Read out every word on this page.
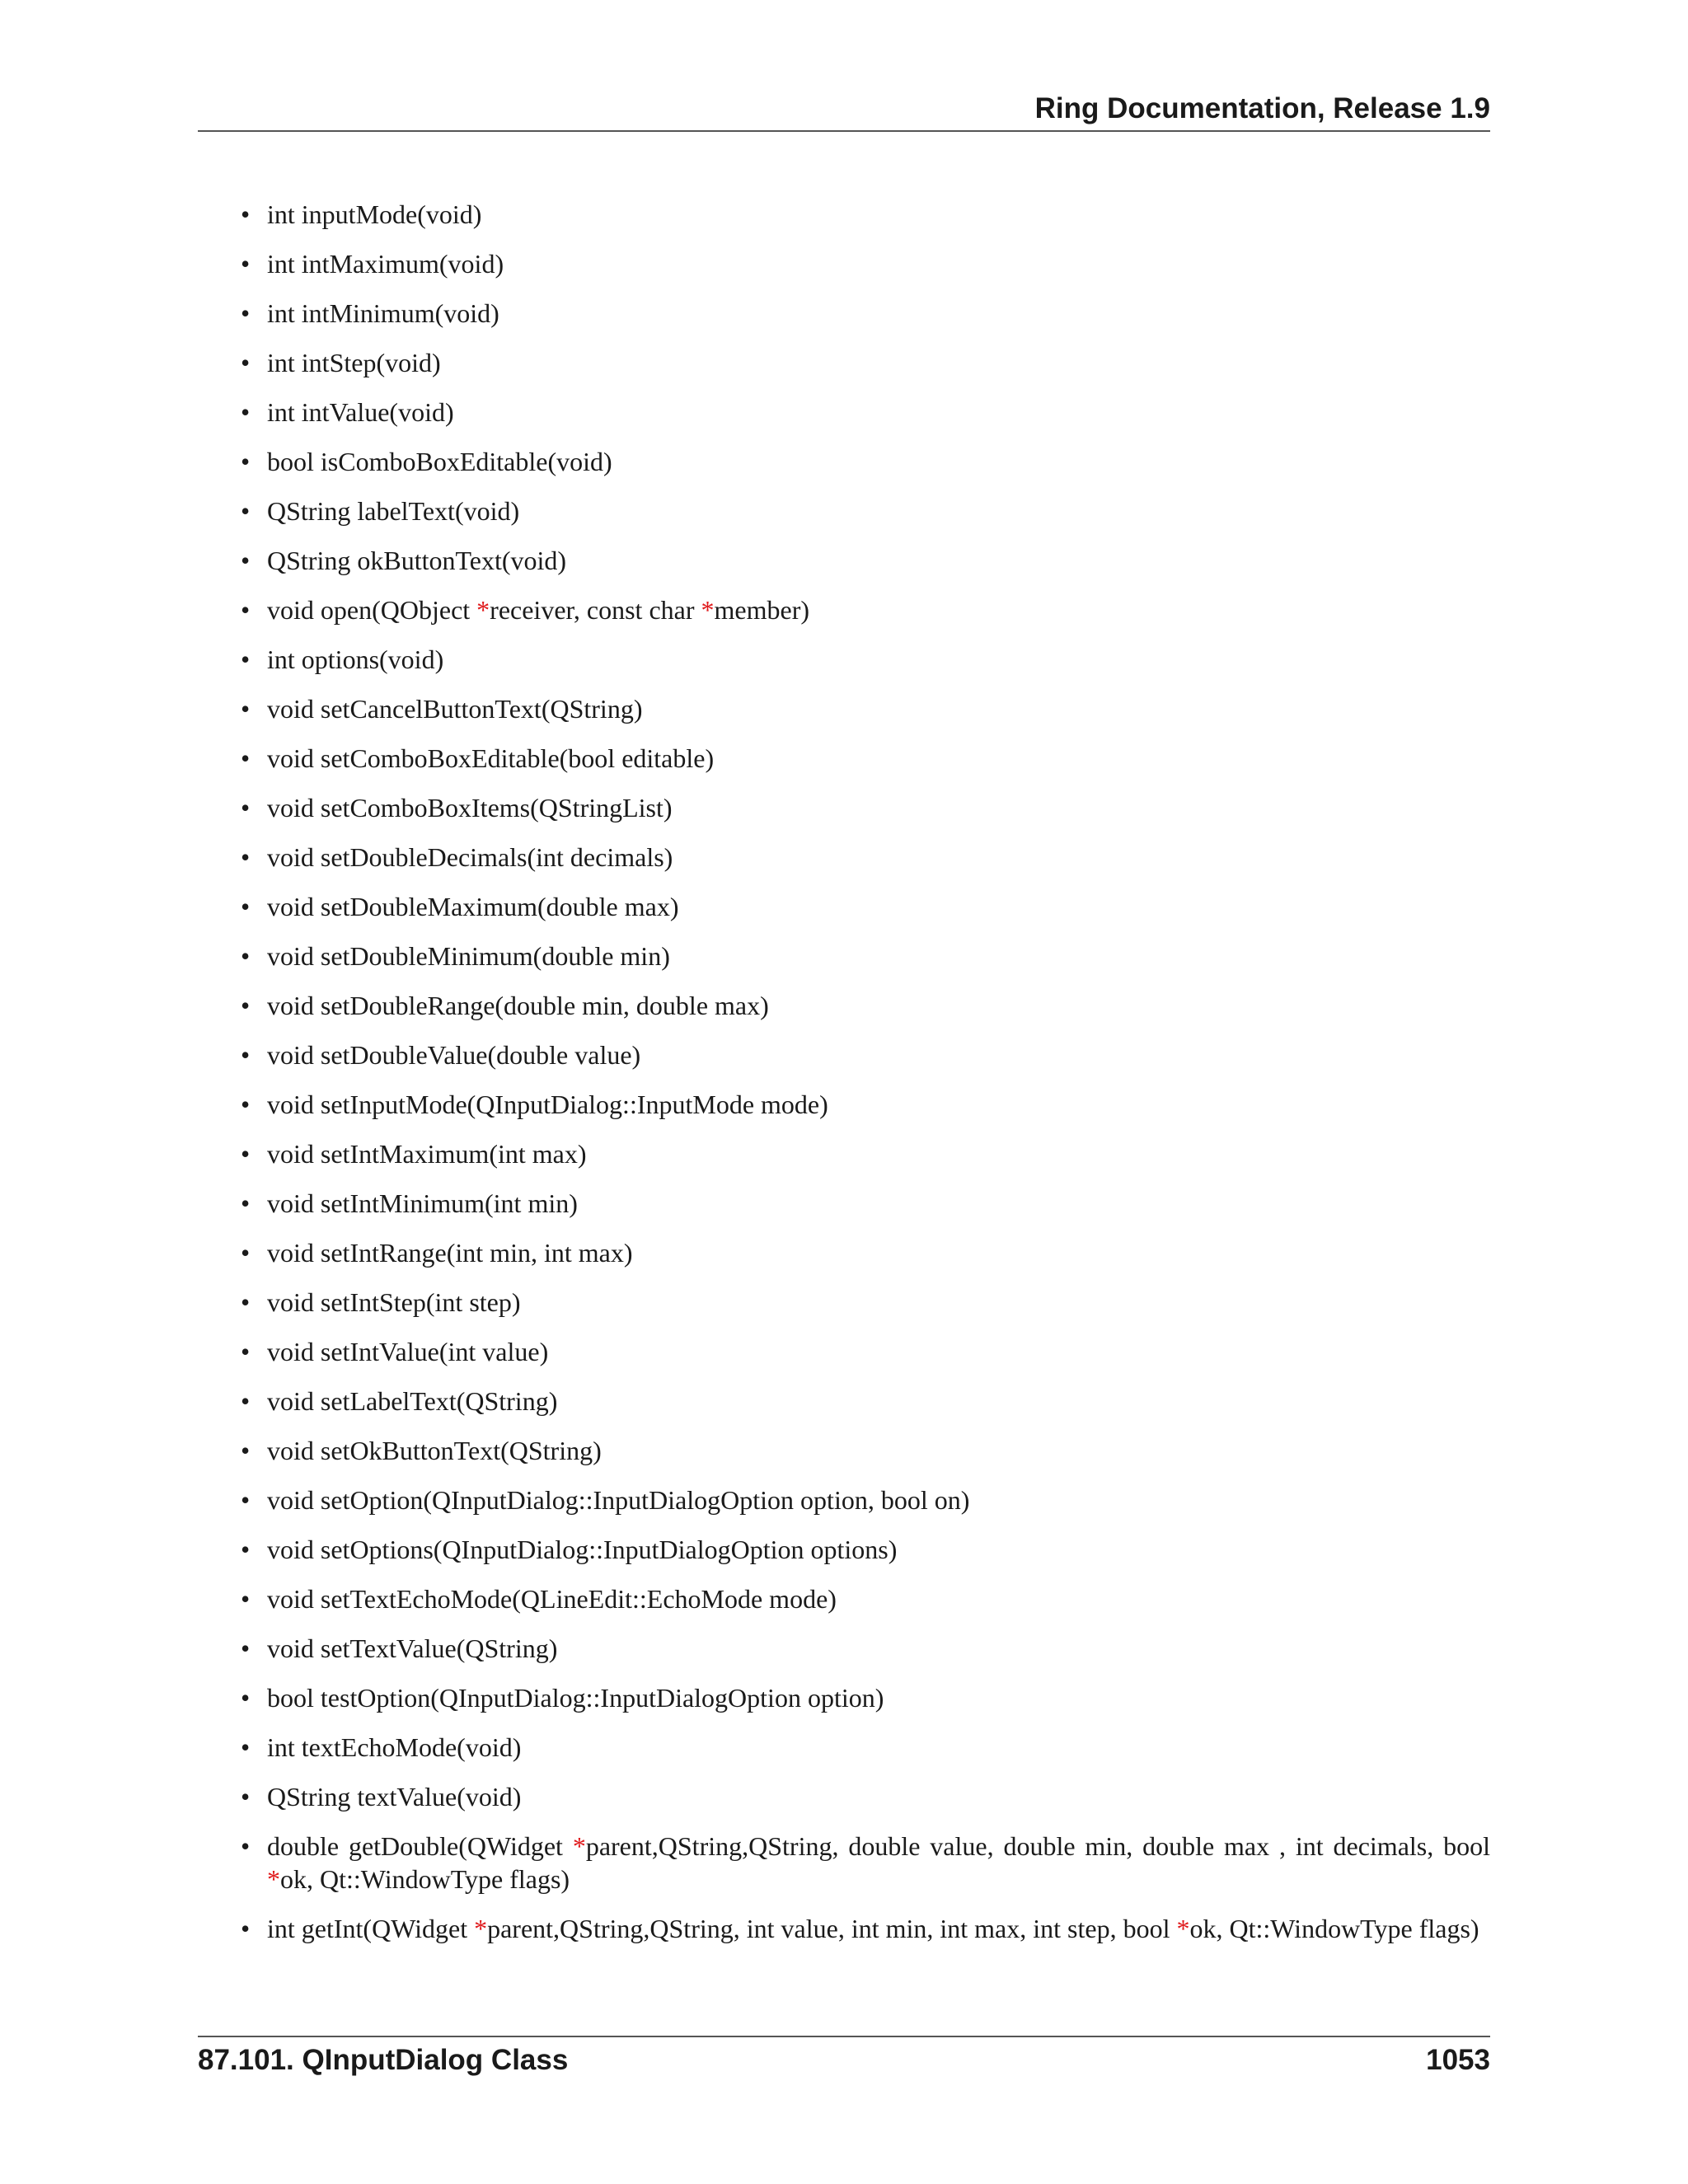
Ring Documentation, Release 1.9
• int inputMode(void)
• int intMaximum(void)
• int intMinimum(void)
• int intStep(void)
• int intValue(void)
• bool isComboBoxEditable(void)
• QString labelText(void)
• QString okButtonText(void)
• void open(QObject *receiver, const char *member)
• int options(void)
• void setCancelButtonText(QString)
• void setComboBoxEditable(bool editable)
• void setComboBoxItems(QStringList)
• void setDoubleDecimals(int decimals)
• void setDoubleMaximum(double max)
• void setDoubleMinimum(double min)
• void setDoubleRange(double min, double max)
• void setDoubleValue(double value)
• void setInputMode(QInputDialog::InputMode mode)
• void setIntMaximum(int max)
• void setIntMinimum(int min)
• void setIntRange(int min, int max)
• void setIntStep(int step)
• void setIntValue(int value)
• void setLabelText(QString)
• void setOkButtonText(QString)
• void setOption(QInputDialog::InputDialogOption option, bool on)
• void setOptions(QInputDialog::InputDialogOption options)
• void setTextEchoMode(QLineEdit::EchoMode mode)
• void setTextValue(QString)
• bool testOption(QInputDialog::InputDialogOption option)
• int textEchoMode(void)
• QString textValue(void)
• double getDouble(QWidget *parent,QString,QString, double value, double min, double max , int decimals, bool *ok, Qt::WindowType flags)
• int getInt(QWidget *parent,QString,QString, int value, int min, int max, int step, bool *ok, Qt::WindowType flags)
87.101. QInputDialog Class	1053
